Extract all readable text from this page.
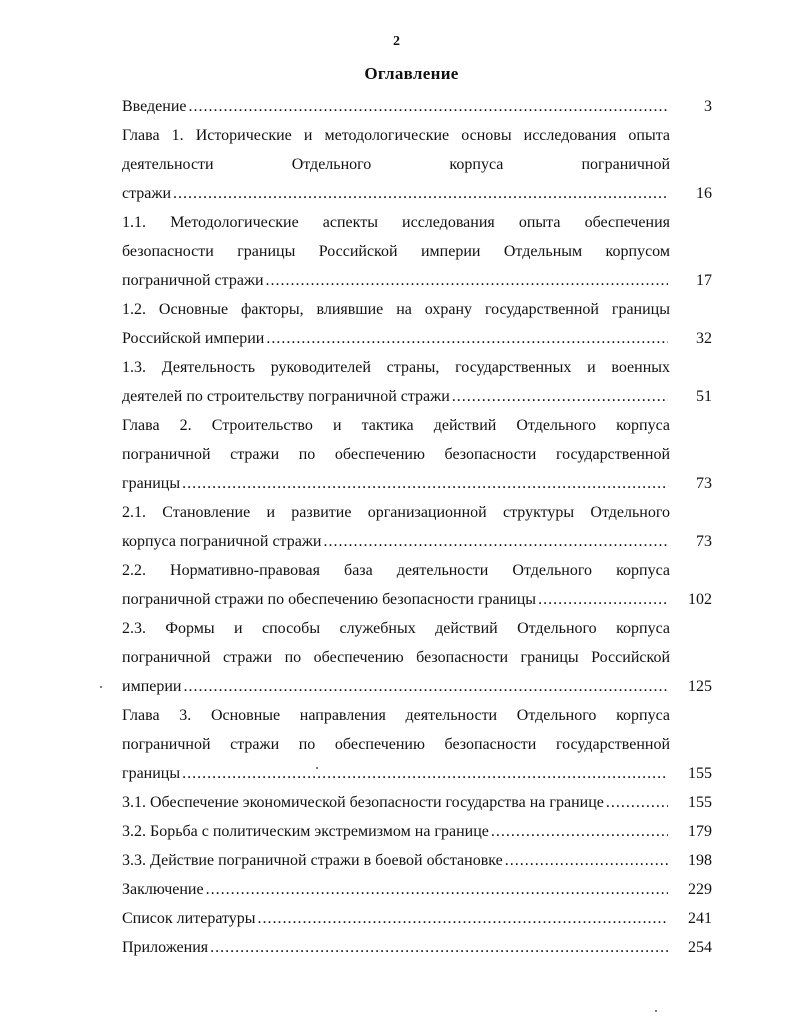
2
Оглавление
Введение .....	3
Глава 1. Исторические и методологические основы исследования опыта
деятельности Отдельного корпуса пограничной
стражи .....	16
1.1. Методологические аспекты исследования опыта обеспечения
безопасности границы Российской империи Отдельным корпусом
пограничной стражи .....	17
1.2. Основные факторы, влиявшие на охрану государственной границы
Российской империи .....	32
1.3. Деятельность руководителей страны, государственных и военных
деятелей по строительству пограничной стражи .....	51
Глава 2. Строительство и тактика действий Отдельного корпуса
пограничной стражи по обеспечению безопасности государственной
границы .....	73
2.1. Становление и развитие организационной структуры Отдельного
корпуса пограничной стражи .....	73
2.2. Нормативно-правовая база деятельности Отдельного корпуса
пограничной стражи по обеспечению безопасности границы .....	102
2.3. Формы и способы служебных действий Отдельного корпуса
пограничной стражи по обеспечению безопасности границы Российской
империи .....	125
Глава 3. Основные направления деятельности Отдельного корпуса
пограничной стражи по обеспечению безопасности государственной
границы .....	155
3.1. Обеспечение экономической безопасности государства на границе .....	155
3.2. Борьба с политическим экстремизмом на границе .....	179
3.3. Действие пограничной стражи в боевой обстановке .....	198
Заключение .....	229
Список литературы .....	241
Приложения .....	254
